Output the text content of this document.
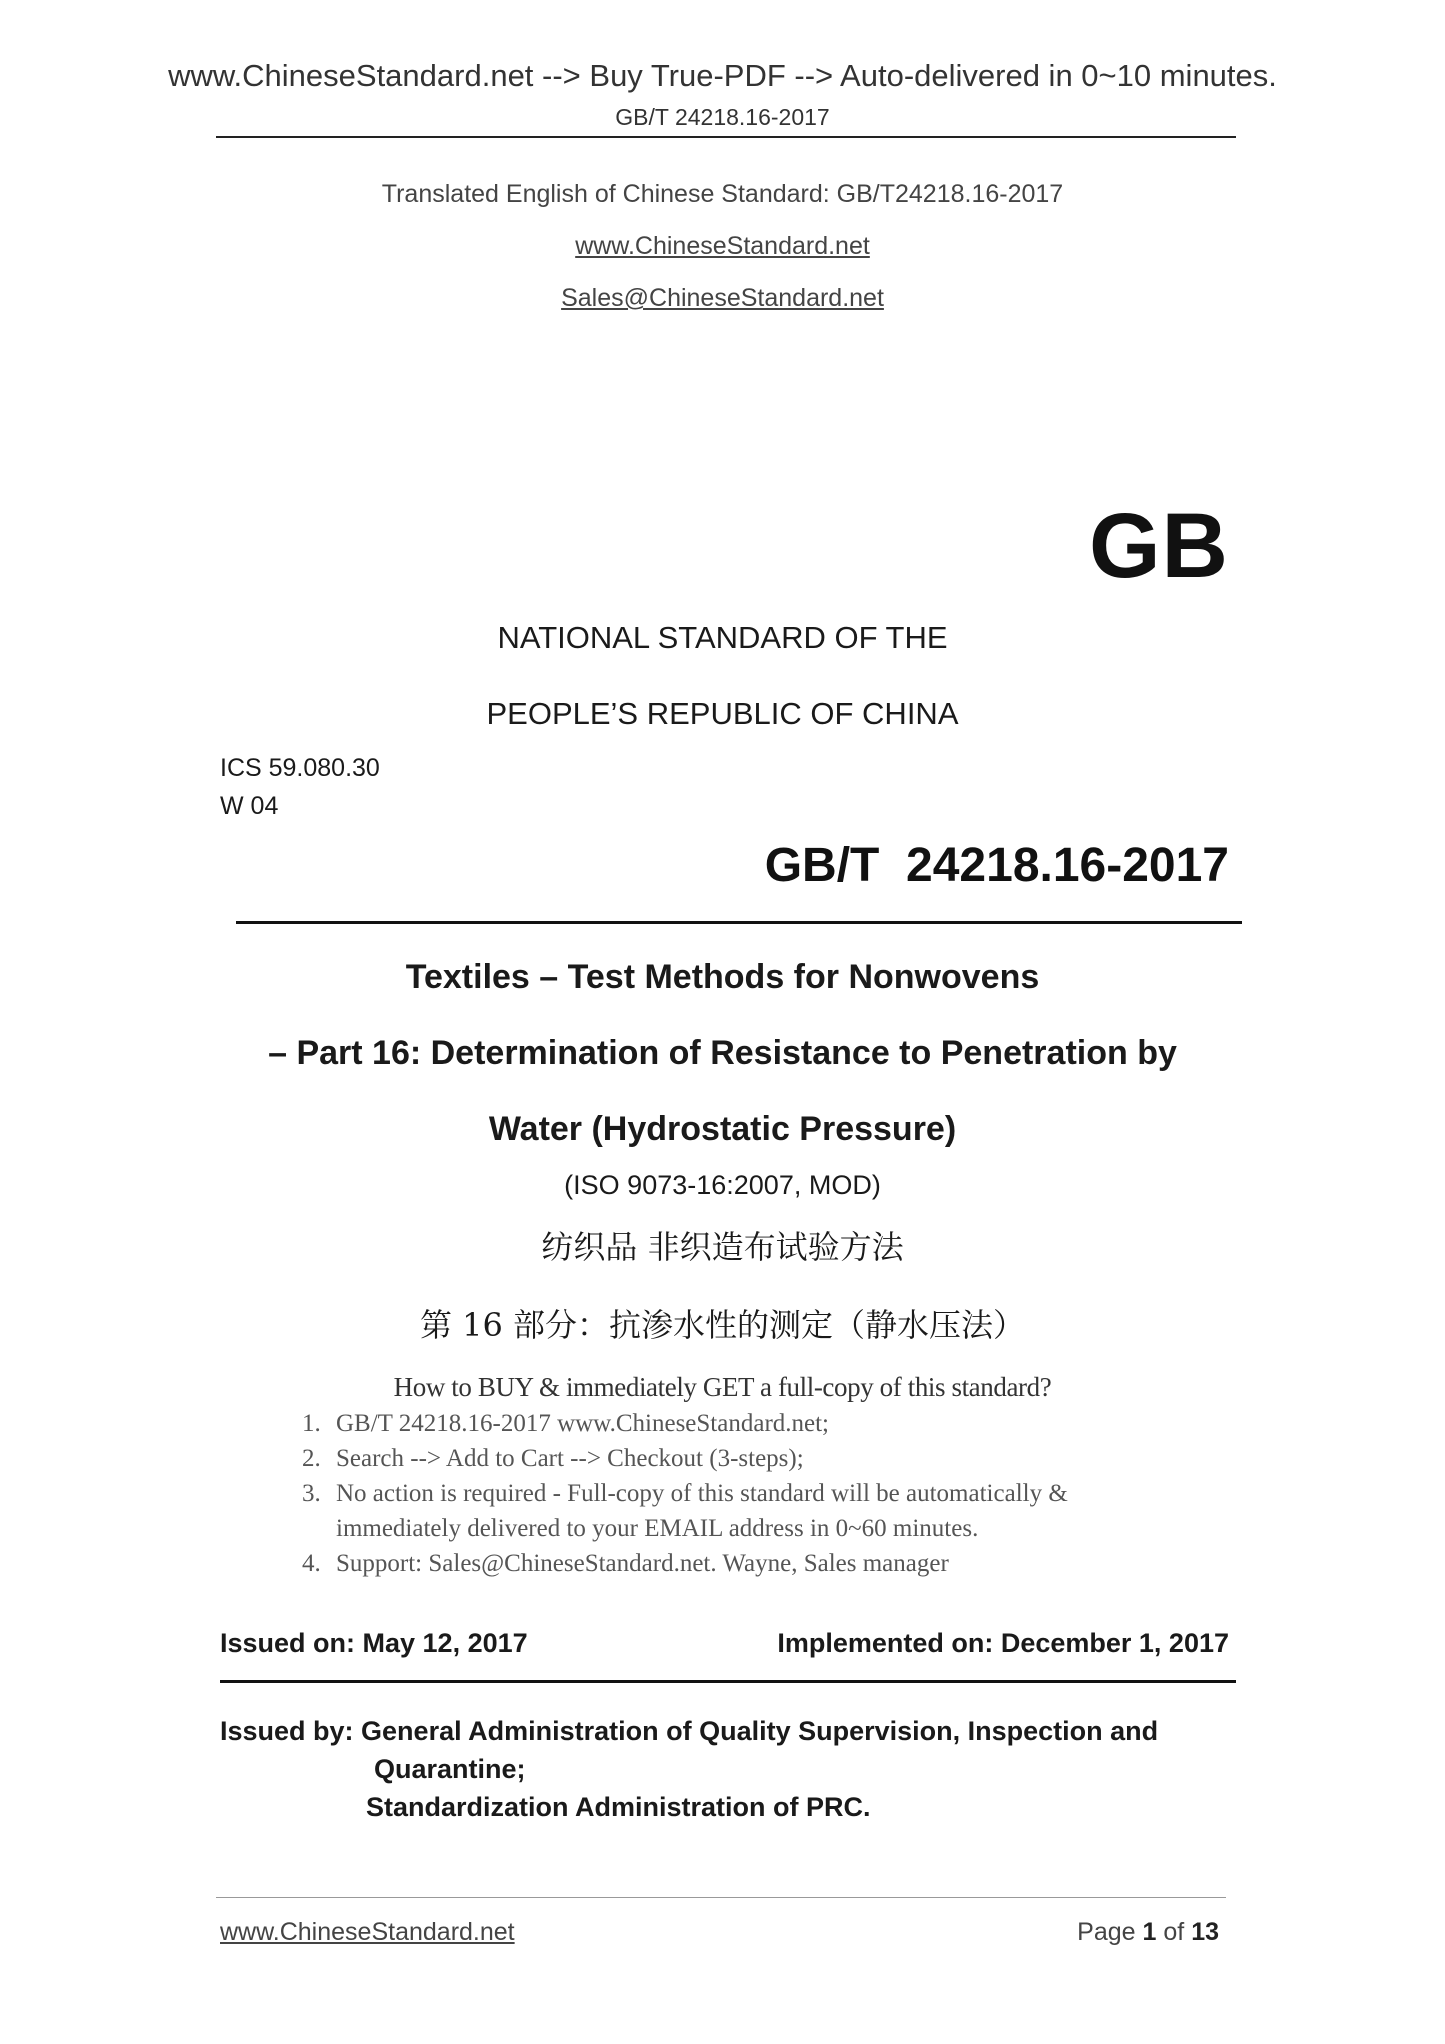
www.ChineseStandard.net --> Buy True-PDF --> Auto-delivered in 0~10 minutes.
GB/T 24218.16-2017
Translated English of Chinese Standard: GB/T24218.16-2017
www.ChineseStandard.net
Sales@ChineseStandard.net
GB
NATIONAL STANDARD OF THE
PEOPLE’S REPUBLIC OF CHINA
ICS 59.080.30
W 04
GB/T  24218.16-2017
Textiles – Test Methods for Nonwovens
– Part 16: Determination of Resistance to Penetration by
Water (Hydrostatic Pressure)
(ISO 9073-16:2007, MOD)
纺织品 非织造布试验方法
第 16 部分：抗渗水性的测定（静水压法）
How to BUY & immediately GET a full-copy of this standard?
1. GB/T 24218.16-2017 www.ChineseStandard.net;
2. Search --> Add to Cart --> Checkout (3-steps);
3. No action is required - Full-copy of this standard will be automatically &
immediately delivered to your EMAIL address in 0~60 minutes.
4. Support: Sales@ChineseStandard.net. Wayne, Sales manager
Issued on: May 12, 2017	Implemented on: December 1, 2017
Issued by: General Administration of Quality Supervision, Inspection and
Quarantine;
Standardization Administration of PRC.
www.ChineseStandard.net	Page 1 of 13
